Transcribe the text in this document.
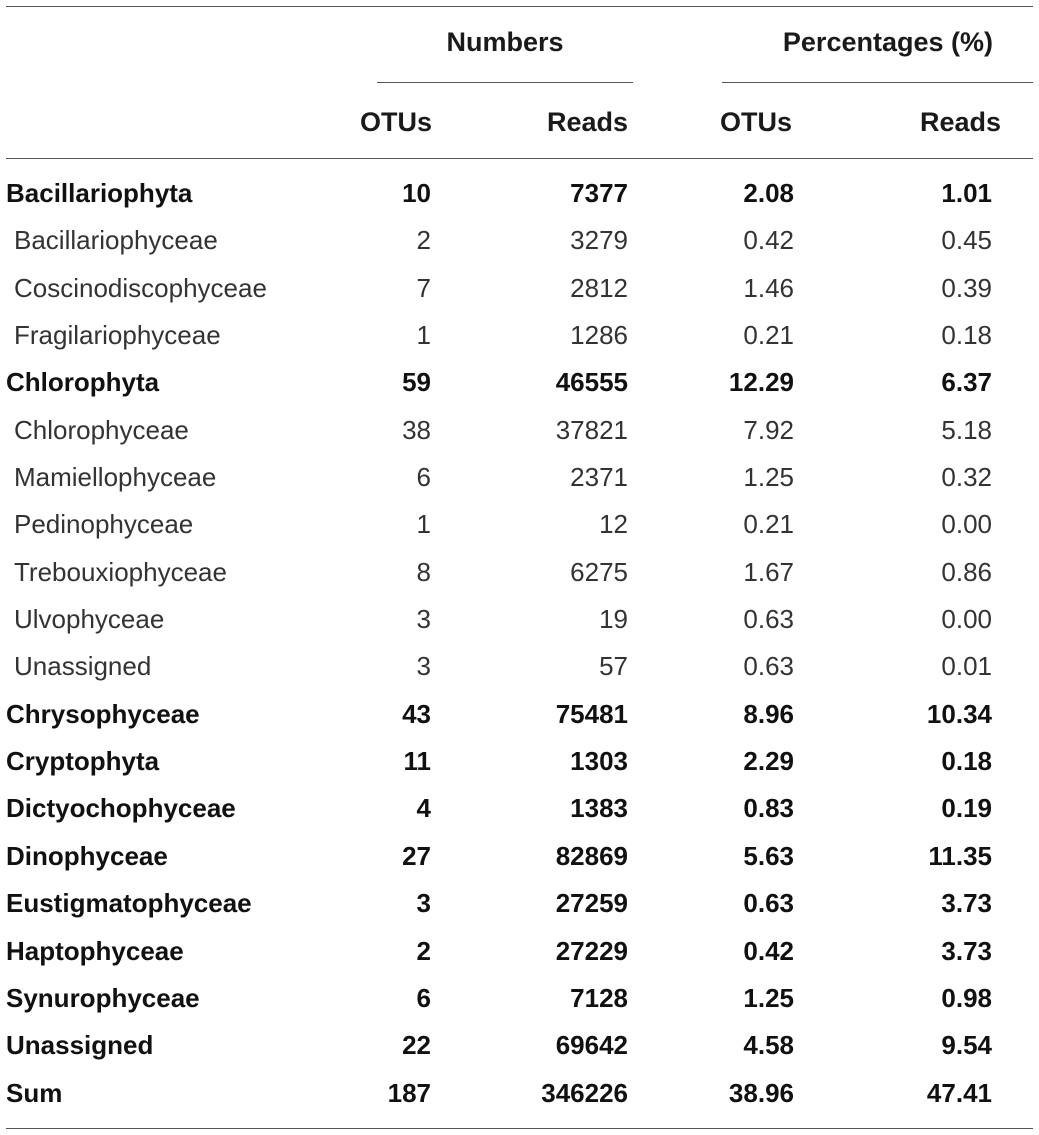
Numbers	Percentages (%)
OTUs	Reads	OTUs	Reads
Bacillariophyta	10	7377	2.08	1.01
Bacillariophyceae	2	3279	0.42	0.45
Coscinodiscophyceae	7	2812	1.46	0.39
Fragilariophyceae	1	1286	0.21	0.18
Chlorophyta	59	46555	12.29	6.37
Chlorophyceae	38	37821	7.92	5.18
Mamiellophyceae	6	2371	1.25	0.32
Pedinophyceae	1	12	0.21	0.00
Trebouxiophyceae	8	6275	1.67	0.86
Ulvophyceae	3	19	0.63	0.00
Unassigned	3	57	0.63	0.01
Chrysophyceae	43	75481	8.96	10.34
Cryptophyta	11	1303	2.29	0.18
Dictyochophyceae	4	1383	0.83	0.19
Dinophyceae	27	82869	5.63	11.35
Eustigmatophyceae	3	27259	0.63	3.73
Haptophyceae	2	27229	0.42	3.73
Synurophyceae	6	7128	1.25	0.98
Unassigned	22	69642	4.58	9.54
Sum	187	346226	38.96	47.41
